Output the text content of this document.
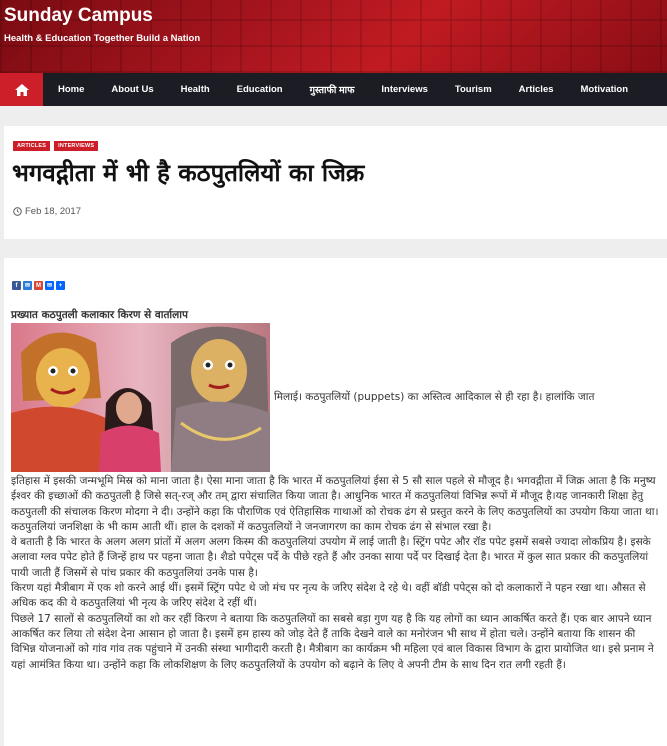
Sunday Campus
Health & Education Together Build a Nation
Home	About Us	Health	Education	गुस्ताफी माफ	Interviews	Tourism	Articles	Motivation
ARTICLES	INTERVIEWS
भगवद्गीता में भी है कठपुतलियों का जिक्र
Feb 18, 2017
f	✉ M ✉	+
प्रख्यात कठपुतली कलाकार किरण से वार्तालाप
मिलाई। कठपुतलियों (puppets) का अस्तित्व आदिकाल से ही रहा है। हालांकि जात

इतिहास में इसकी जन्मभूमि मिस्र को माना जाता है। ऐसा माना जाता है कि भारत में कठपुतलियां ईसा से 5 सौ साल पहले से मौजूद है। भगवद्गीता में जिक्र आता है कि मनुष्य ईश्वर की इच्छाओं की कठपुतली है जिसे सत्-रज् और तम् द्वारा संचालित किया जाता है। आधुनिक भारत में कठपुतलियां विभिन्न रूपों में मौजूद है।यह जानकारी शिक्षा हेतु कठपुतली की संचालक किरण मोदगा ने दी। उन्होंने कहा कि पौराणिक एवं ऐतिहासिक गाथाओं को रोचक ढंग से प्रस्तुत करने के लिए कठपुतलियों का उपयोग किया जाता था। कठपुतलियां जनशिक्षा के भी काम आती थीं। हाल के दशकों में कठपुतलियों ने जनजागरण का काम रोचक ढंग से संभाल रखा है।

वे बताती है कि भारत के अलग अलग प्रांतों में अलग अलग किस्म की कठपुतलियां उपयोग में लाई जाती है। स्ट्रिंग पपेट और रॉड पपेट इसमें सबसे ज्यादा लोकप्रिय है। इसके अलावा ग्लव पपेट होते हैं जिन्हें हाथ पर पहना जाता है। शैडो पपेट्स पर्दे के पीछे रहते हैं और उनका साया पर्दे पर दिखाई देता है। भारत में कुल सात प्रकार की कठपुतलियां पायी जाती हैं जिसमें से पांच प्रकार की कठपुतलियां उनके पास है।

किरण यहां मैत्रीबाग में एक शो करने आई थीं। इसमें स्ट्रिंग पपेट थे जो मंच पर नृत्य के जरिए संदेश दे रहे थे। वहीं बॉडी पपेट्स को दो कलाकारों ने पहन रखा था। औसत से अधिक कद की ये कठपुतलियां भी नृत्य के जरिए संदेश दे रहीं थीं।

पिछले 17 सालों से कठपुतलियों का शो कर रहीं किरण ने बताया कि कठपुतलियों का सबसे बड़ा गुण यह है कि यह लोगों का ध्यान आकर्षित करते हैं। एक बार आपने ध्यान आकर्षित कर लिया तो संदेश देना आसान हो जाता है। इसमें हम हास्य को जोड़ देते हैं ताकि देखने वाले का मनोरंजन भी साथ में होता चले। उन्होंने बताया कि शासन की विभिन्न योजनाओं को गांव गांव तक पहुंचाने में उनकी संस्था भागीदारी करती है। मैत्रीबाग का कार्यक्रम भी महिला एवं बाल विकास विभाग के द्वारा प्रायोजित था। इसे प्रनाम ने यहां आमंत्रित किया था। उन्होंने कहा कि लोकशिक्षण के लिए कठपुतलियों के उपयोग को बढ़ाने के लिए वे अपनी टीम के साथ दिन रात लगी रहती हैं।
